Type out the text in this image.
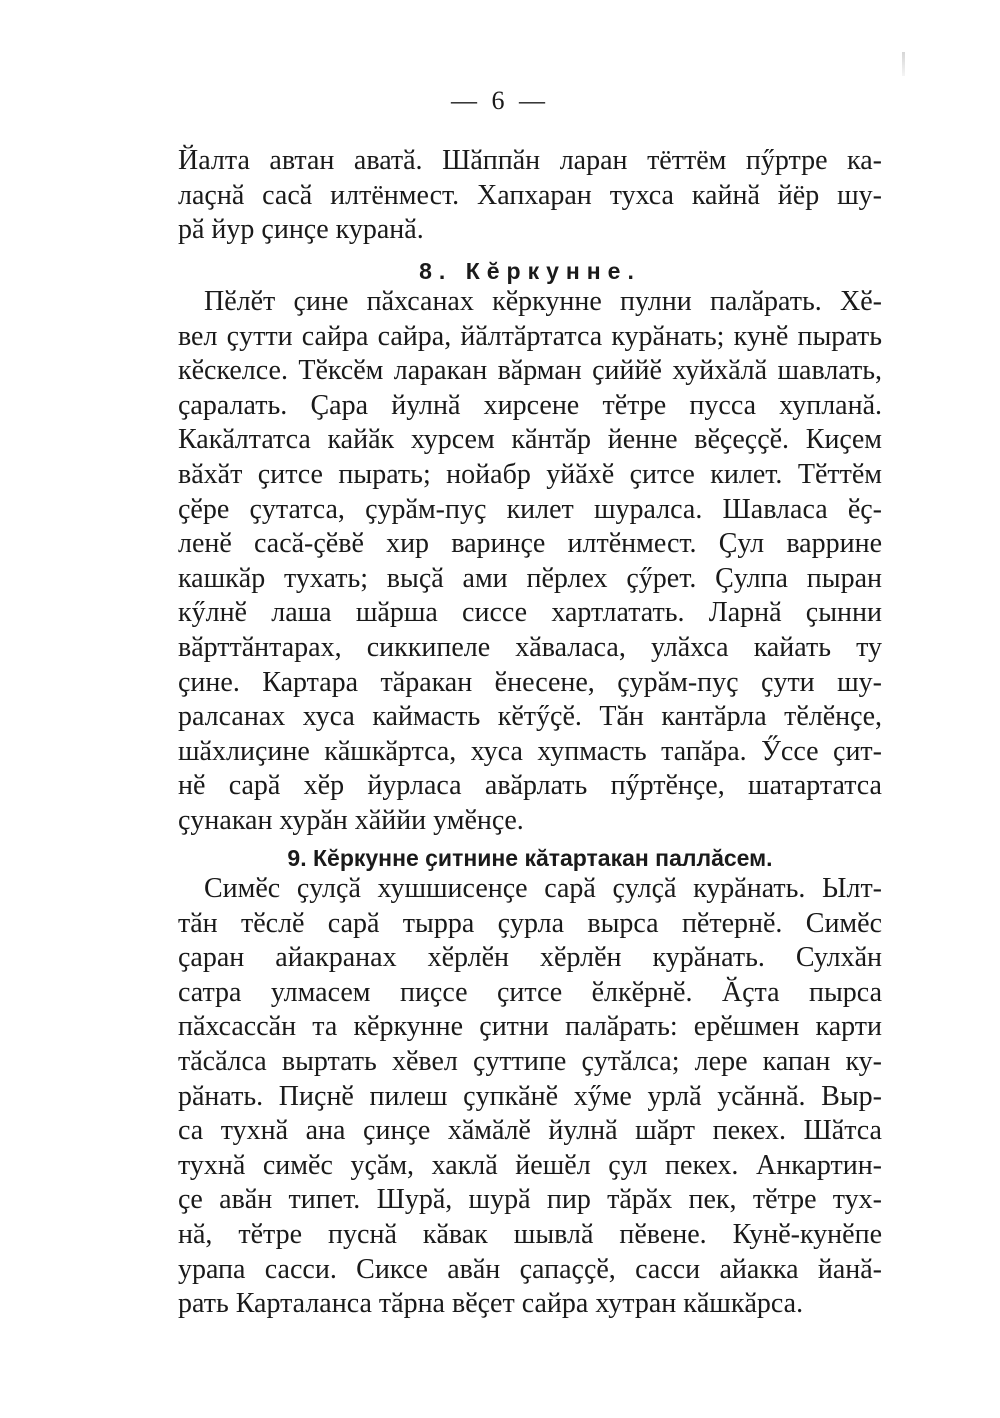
— 6 —
Йалта автан аватӑ. Шӑппӑн ларан тёттём пӳртре ка-
лаҫнӑ сасӑ илтёнмест. Хапхаран тухса кайнӑ йёр шу-
рӑ йур ҫинҫе куранӑ.
8. Кӗркунне.
Пӗлӗт ҫине пӑхсанах кӗркунне пулни палӑрать. Хӗ-
вел ҫутти сайра сайра, йӑлтӑртатса курӑнать; кунӗ пырать
кӗскелсе. Тӗксӗм ларакан вӑрман ҫиййӗ хуйхӑлӑ шавлать,
ҫаралать. Ҫара йулнӑ хирсене тӗтре пусса хупланӑ.
Какӑлтатса кайӑк хурсем кӑнтӑр йенне вӗҫеҫҫӗ. Киҫем
вӑхӑт ҫитсе пырать; нойабр уйӑхӗ ҫитсе килет. Тӗттӗм
ҫӗре ҫутатса, ҫурӑм-пуҫ килет шуралса. Шавласа ӗҫ-
ленӗ сасӑ-ҫӗвӗ хир варинҫе илтӗнмест. Ҫул варрине
кашкӑр тухать; выҫӑ ами пӗрлех ҫӳрет. Ҫулпа пыран
кӳлнӗ лаша шӑрша сиссе хартлатать. Ларнӑ ҫынни
вӑрттӑнтарах, сиккипеле хӑваласа, улӑхса кайать ту
ҫине. Картара тӑракан ӗнесене, ҫурӑм-пуҫ ҫути шу-
ралсанах хуса каймасть кӗтӳҫӗ. Тӑн кантӑрла тӗлӗнҫе,
шӑхлиҫине кӑшкӑртса, хуса хупмасть тапӑра. Ӳссе ҫит-
нӗ сарӑ хӗр йурласа авӑрлать пӳртӗнҫе, шатартатса
ҫунакан хурӑн хӑййи умӗнҫе.
9. Кӗркунне ҫитнине кӑтартакан паллӑсем.
Симӗс ҫулҫӑ хушшисенҫе сарӑ ҫулҫӑ курӑнать. Ылт-
тӑн тӗслӗ сарӑ тырра ҫурла вырса пӗтернӗ. Симӗс
ҫаран айакранах хӗрлӗн хӗрлӗн курӑнать. Сулхӑн
сатра улмасем пиҫсе ҫитсе ӗлкӗрнӗ. Ӑҫта пырса
пӑхсассӑн та кӗркунне ҫитни палӑрать: ерӗшмен карти
тӑсӑлса выртать хӗвел ҫуттипе ҫутӑлса; лере капан ку-
рӑнать. Пиҫнӗ пилеш ҫупкӑнӗ хӳме урлӑ усӑннӑ. Выр-
са тухнӑ ана ҫинҫе хӑмӑлӗ йулнӑ шӑрт пекех. Шӑтса
тухнӑ симӗс уҫӑм, хаклӑ йешӗл ҫул пекех. Анкартин-
ҫе авӑн типет. Шурӑ, шурӑ пир тӑрӑх пек, тӗтре тух-
нӑ, тӗтре пуснӑ кӑвак шывлӑ пӗвене. Кунӗ-кунӗпе
урапа сасси. Сиксе авӑн ҫапаҫҫӗ, сасси айакка йанӑ-
рать Карталанса тӑрна вӗҫет сайра хутран кӑшкӑрса.
